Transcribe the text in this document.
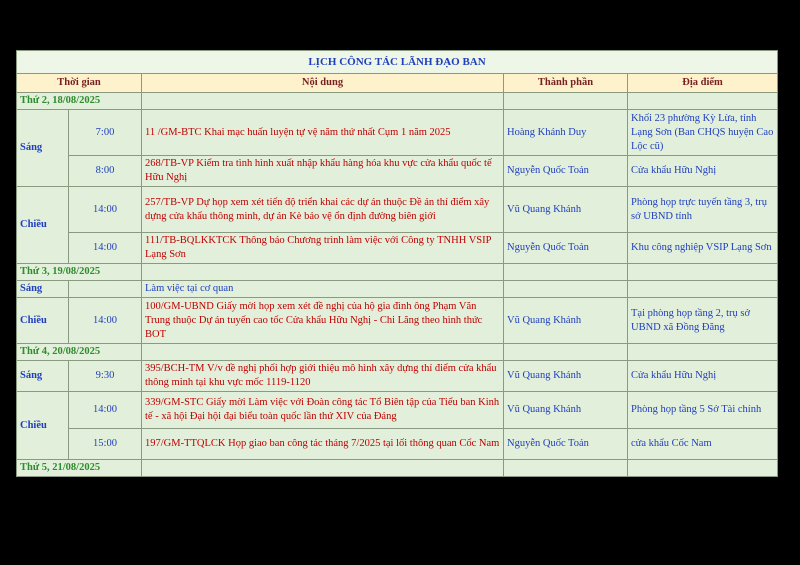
LỊCH CÔNG TÁC LÃNH ĐẠO BAN				
Thời gian		Nội dung	Thành phần	Địa điểm
Thứ 2, 18/08/2025				
Sáng	7:00	11 /GM-BTC Khai mạc huấn luyện tự vệ năm thứ nhất Cụm 1 năm 2025	Hoàng Khánh Duy	Khối 23 phường Kỳ Lừa, tỉnh Lạng Sơn (Ban CHQS huyện Cao Lộc cũ)
	8:00	268/TB-VP Kiểm tra tình hình xuất nhập khẩu hàng hóa khu vực cửa khẩu quốc tế Hữu Nghị	Nguyễn Quốc Toản	Cửa khẩu Hữu Nghị
Chiều	14:00	257/TB-VP Dự họp xem xét tiến độ triển khai các dự án thuộc Đề án thí điểm xây dựng cửa khẩu thông minh, dự án Kè bảo vệ ổn định đường biên giới	Vũ Quang Khánh	Phòng họp trực tuyến tầng 3, trụ sở UBND tỉnh
	14:00	111/TB-BQLKKTCK Thông báo Chương trình làm việc với Công ty TNHH VSIP Lạng Sơn	Nguyễn Quốc Toản	Khu công nghiệp VSIP Lạng Sơn
Thứ 3, 19/08/2025				
Sáng		Làm việc tại cơ quan		
Chiều	14:00	100/GM-UBND Giấy mời họp xem xét đề nghị của hộ gia đình ông Phạm Văn Trung thuộc Dự án tuyến cao tốc Cửa khẩu Hữu Nghị - Chi Lăng theo hình thức BOT	Vũ Quang Khánh	Tại phòng họp tầng 2, trụ sở UBND xã Đồng Đăng
Thứ 4, 20/08/2025				
Sáng	9:30	395/BCH-TM V/v đề nghị phối hợp giới thiệu mô hình xây dựng thí điểm cửa khẩu thông minh tại khu vực mốc 1119-1120	Vũ Quang Khánh	Cửa khẩu Hữu Nghị
Chiều	14:00	339/GM-STC Giấy mời Làm việc với Đoàn công tác Tổ Biên tập của Tiểu ban Kinh tế - xã hội Đại hội đại biểu toàn quốc lần thứ XIV của Đảng	Vũ Quang Khánh	Phòng họp tầng 5 Sở Tài chính
	15:00	197/GM-TTQLCK Họp giao ban công tác tháng 7/2025 tại lối thông quan Cốc Nam	Nguyễn Quốc Toản	cửa khẩu Cốc Nam
Thứ 5, 21/08/2025				
